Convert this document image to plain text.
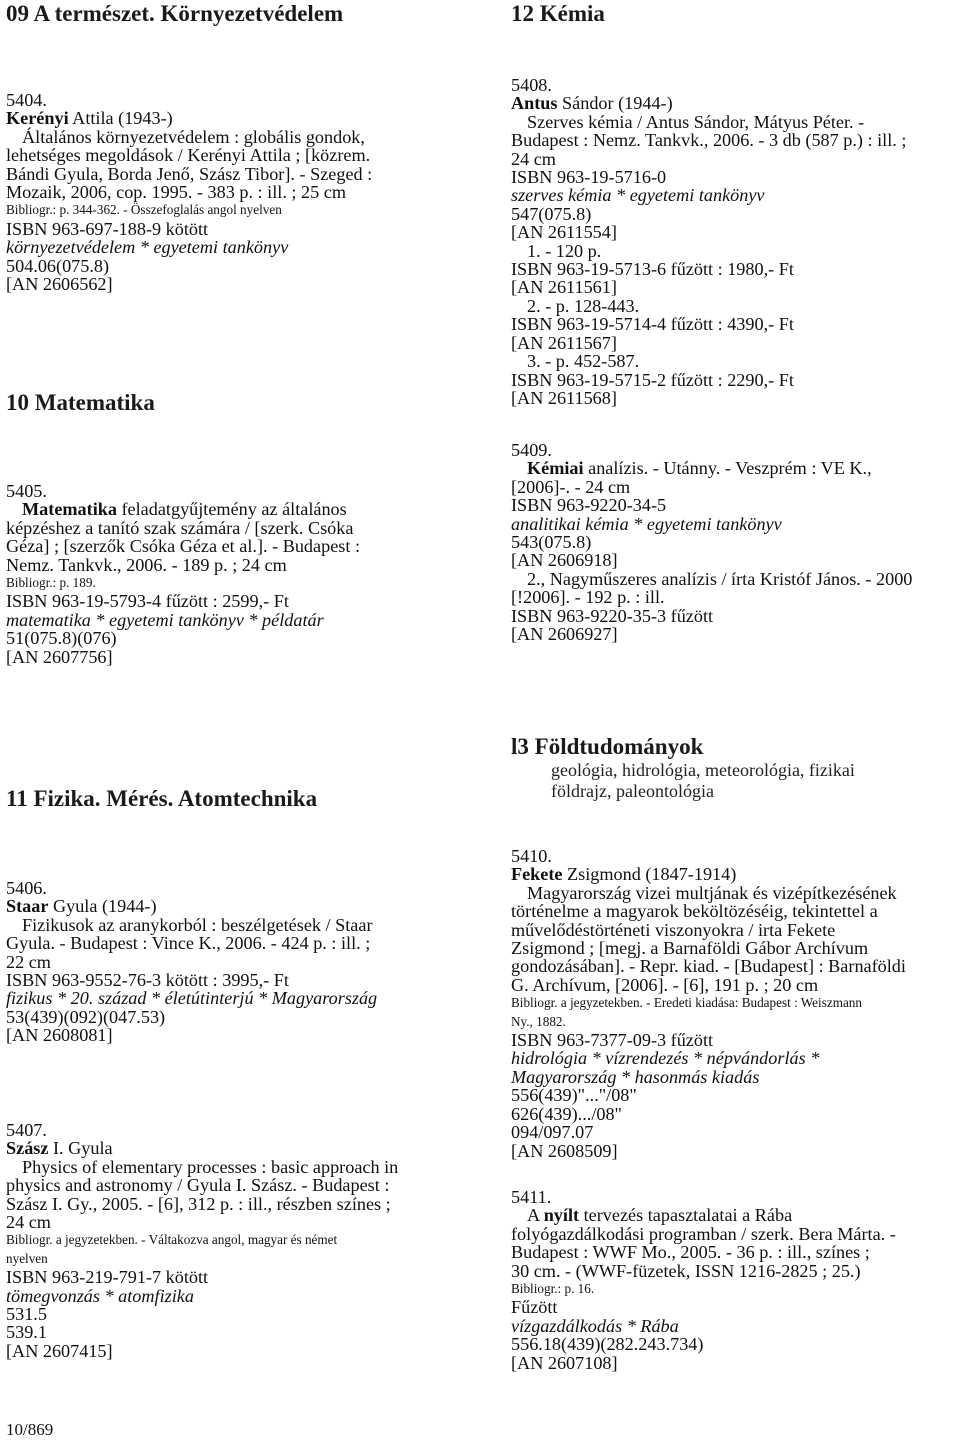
09 A természet. Környezetvédelem	12 Kémia
5404.
Kerényi Attila (1943-)
Általános környezetvédelem : globális gondok,
lehetséges megoldások / Kerényi Attila ; [közrem.
Bándi Gyula, Borda Jenő, Szász Tibor]. - Szeged :
Mozaik, 2006, cop. 1995. - 383 p. : ill. ; 25 cm
Bibliogr.: p. 344-362. - Összefoglalás angol nyelven
ISBN 963-697-188-9 kötött
környezetvédelem * egyetemi tankönyv
504.06(075.8)
[AN 2606562]
10 Matematika
5405.
Matematika feladatgyűjtemény az általános
képzéshez a tanító szak számára / [szerk. Csóka
Géza] ; [szerzők Csóka Géza et al.]. - Budapest :
Nemz. Tankvk., 2006. - 189 p. ; 24 cm
Bibliogr.: p. 189.
ISBN 963-19-5793-4 fűzött : 2599,- Ft
matematika * egyetemi tankönyv * példatár
51(075.8)(076)
[AN 2607756]
11 Fizika. Mérés. Atomtechnika
5406.
Staar Gyula (1944-)
Fizikusok az aranykorból : beszélgetések / Staar
Gyula. - Budapest : Vince K., 2006. - 424 p. : ill. ;
22 cm
ISBN 963-9552-76-3 kötött : 3995,- Ft
fizikus * 20. század * életútinterjú * Magyarország
53(439)(092)(047.53)
[AN 2608081]
5407.
Szász I. Gyula
Physics of elementary processes : basic approach in
physics and astronomy / Gyula I. Szász. - Budapest :
Szász I. Gy., 2005. - [6], 312 p. : ill., részben színes ;
24 cm
Bibliogr. a jegyzetekben. - Váltakozva angol, magyar és német
nyelven
ISBN 963-219-791-7 kötött
tömegvonzás * atomfizika
531.5
539.1
[AN 2607415]
10/869
5408.
Antus Sándor (1944-)
Szerves kémia / Antus Sándor, Mátyus Péter. -
Budapest : Nemz. Tankvk., 2006. - 3 db (587 p.) : ill. ;
24 cm
ISBN 963-19-5716-0
szerves kémia * egyetemi tankönyv
547(075.8)
[AN 2611554]
1. - 120 p.
ISBN 963-19-5713-6 fűzött : 1980,- Ft
[AN 2611561]
2. - p. 128-443.
ISBN 963-19-5714-4 fűzött : 4390,- Ft
[AN 2611567]
3. - p. 452-587.
ISBN 963-19-5715-2 fűzött : 2290,- Ft
[AN 2611568]
5409.
Kémiai analízis. - Utánny. - Veszprém : VE K.,
[2006]-. - 24 cm
ISBN 963-9220-34-5
analitikai kémia * egyetemi tankönyv
543(075.8)
[AN 2606918]
2., Nagyműszeres analízis / írta Kristóf János. - 2000
[!2006]. - 192 p. : ill.
ISBN 963-9220-35-3 fűzött
[AN 2606927]
l3 Földtudományok
geológia, hidrológia, meteorológia, fizikai
földrajz, paleontológia
5410.
Fekete Zsigmond (1847-1914)
Magyarország vizei multjának és vizépítkezésének
történelme a magyarok beköltözéséig, tekintettel a
művelődéstörténeti viszonyokra / irta Fekete
Zsigmond ; [megj. a Barnaföldi Gábor Archívum
gondozásában]. - Repr. kiad. - [Budapest] : Barnaföldi
G. Archívum, [2006]. - [6], 191 p. ; 20 cm
Bibliogr. a jegyzetekben. - Eredeti kiadása: Budapest : Weiszmann
Ny., 1882.
ISBN 963-7377-09-3 fűzött
hidrológia * vízrendezés * népvándorlás *
Magyarország * hasonmás kiadás
556(439)"..."/08"
626(439).../08"
094/097.07
[AN 2608509]
5411.
A nyílt tervezés tapasztalatai a Rába
folyógazdálkodási programban / szerk. Bera Márta. -
Budapest : WWF Mo., 2005. - 36 p. : ill., színes ;
30 cm. - (WWF-füzetek, ISSN 1216-2825 ; 25.)
Bibliogr.: p. 16.
Fűzött
vízgazdálkodás * Rába
556.18(439)(282.243.734)
[AN 2607108]
